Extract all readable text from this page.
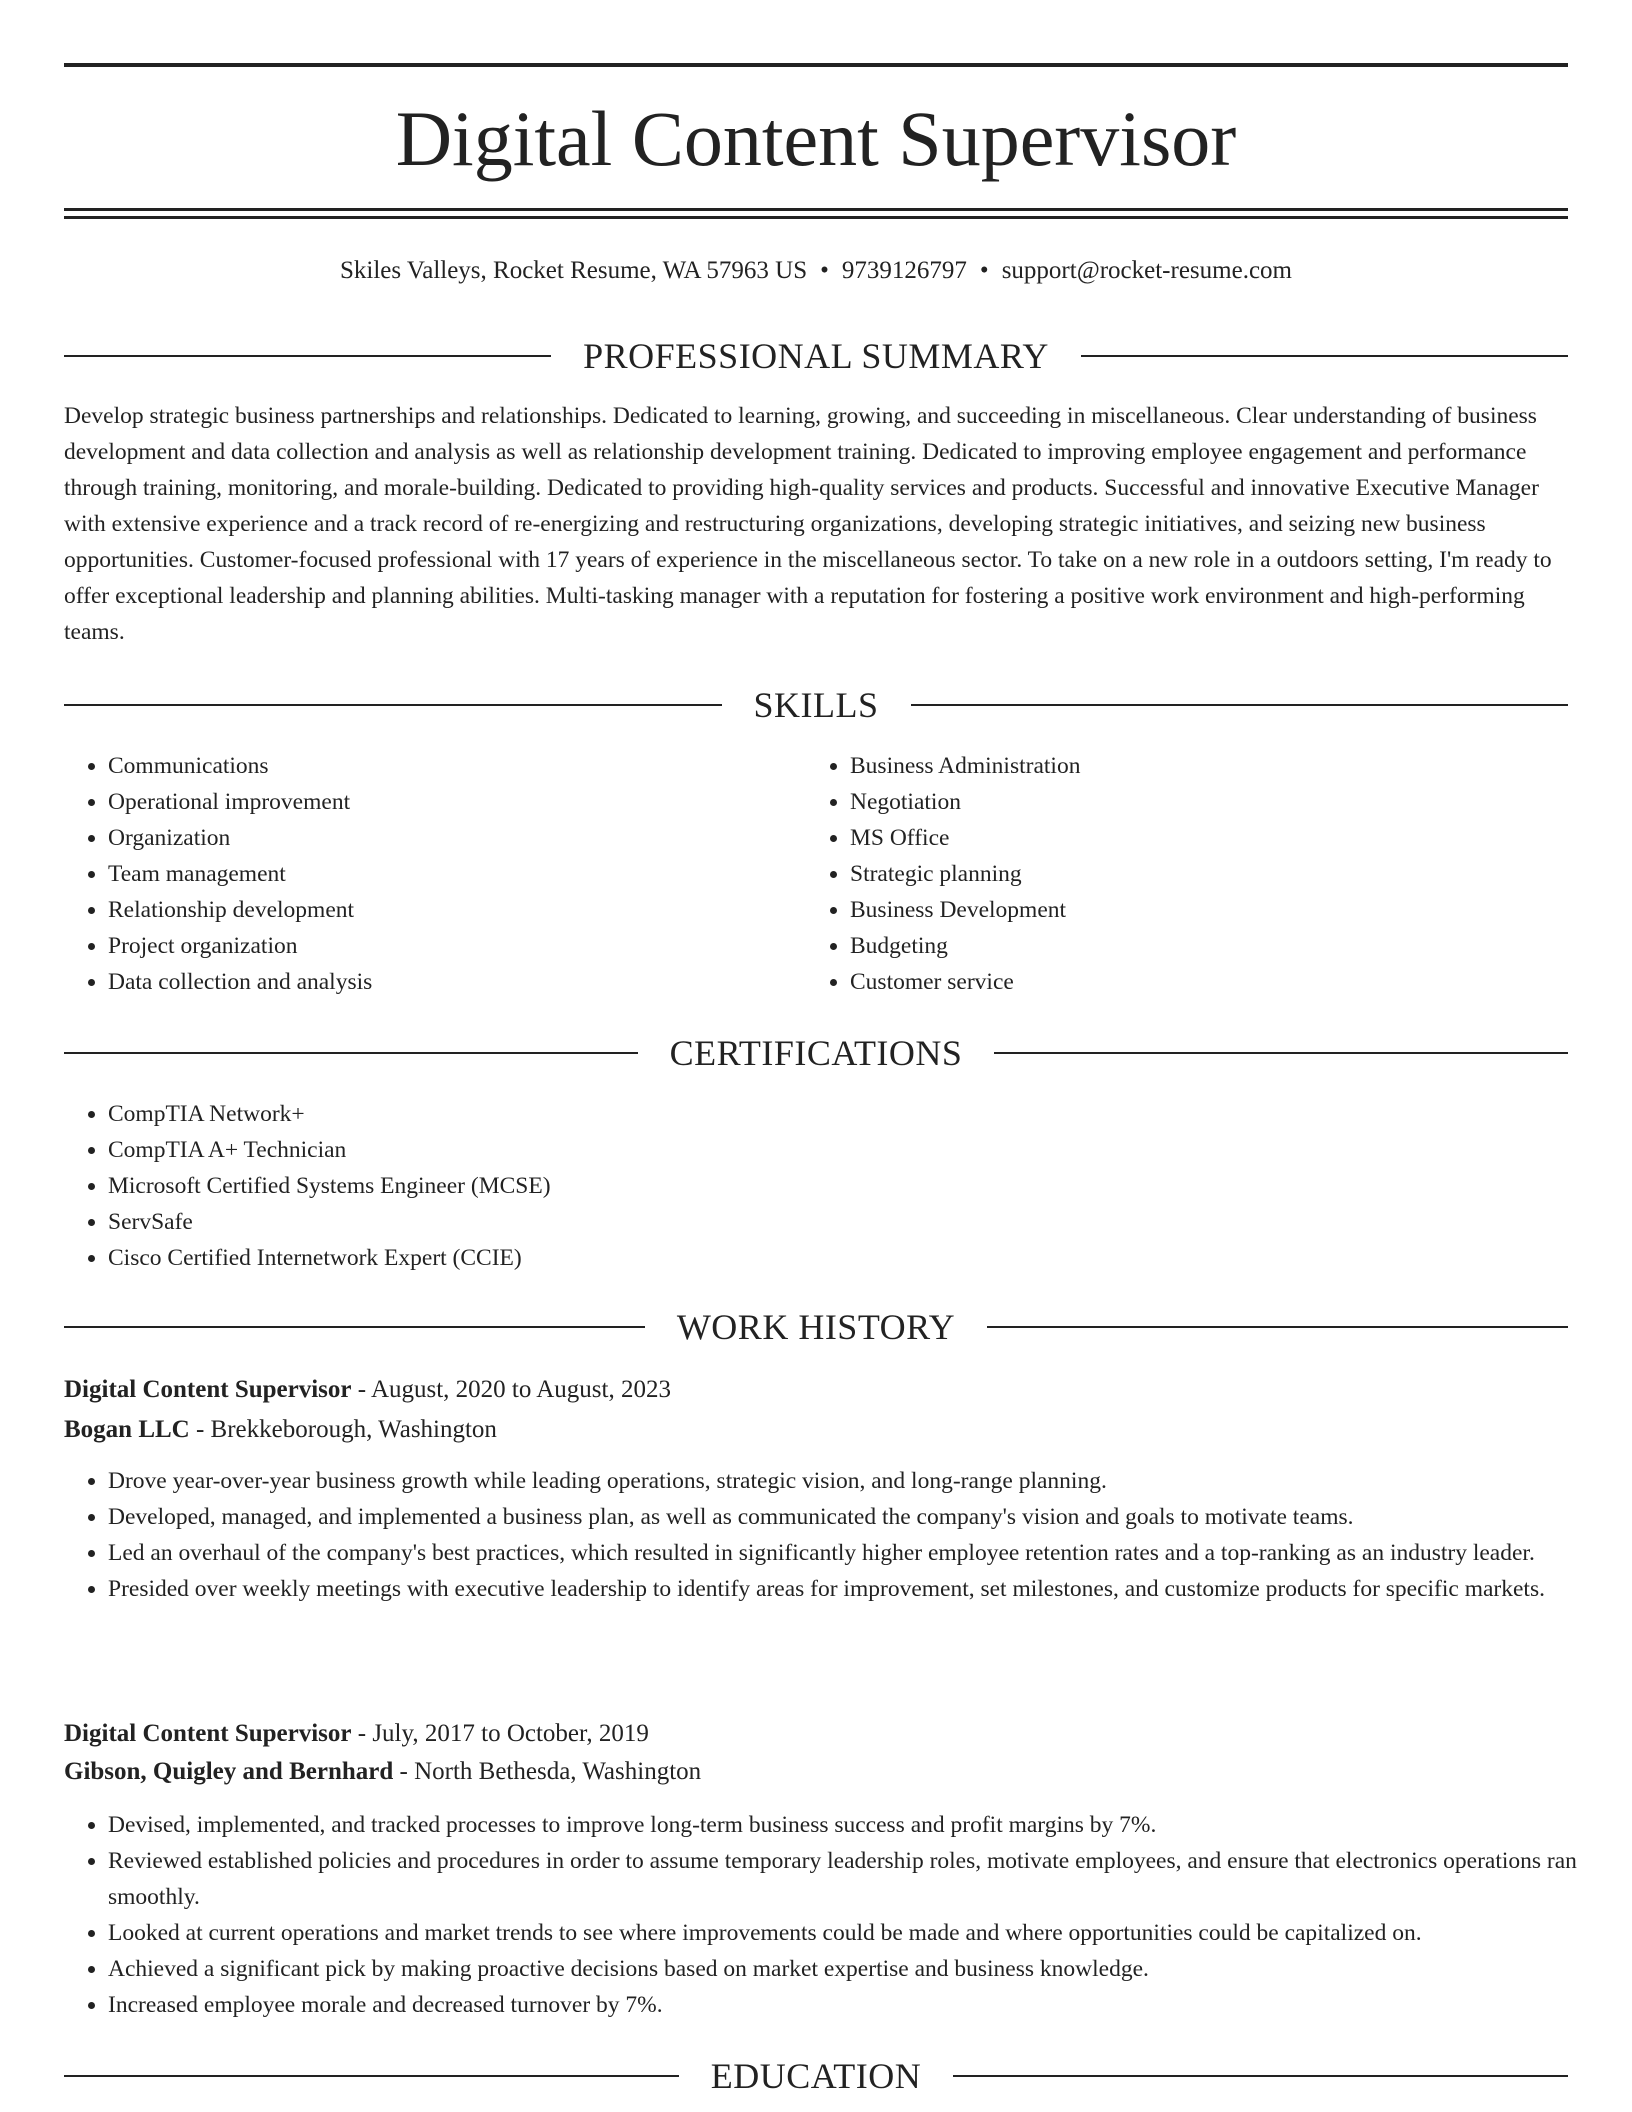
Digital Content Supervisor
Skiles Valleys, Rocket Resume, WA 57963 US • 9739126797 • support@rocket-resume.com
PROFESSIONAL SUMMARY

Develop strategic business partnerships and relationships. Dedicated to learning, growing, and succeeding in miscellaneous. Clear understanding of business development and data collection and analysis as well as relationship development training. Dedicated to improving employee engagement and performance through training, monitoring, and morale-building. Dedicated to providing high-quality services and products. Successful and innovative Executive Manager with extensive experience and a track record of re-energizing and restructuring organizations, developing strategic initiatives, and seizing new business opportunities. Customer-focused professional with 17 years of experience in the miscellaneous sector. To take on a new role in a outdoors setting, I'm ready to offer exceptional leadership and planning abilities. Multi-tasking manager with a reputation for fostering a positive work environment and high-performing teams.

SKILLS
• Communications
• Operational improvement
• Organization
• Team management
• Relationship development
• Project organization
• Data collection and analysis
• Business Administration
• Negotiation
• MS Office
• Strategic planning
• Business Development
• Budgeting
• Customer service
CERTIFICATIONS
• CompTIA Network+
• CompTIA A+ Technician
• Microsoft Certified Systems Engineer (MCSE)
• ServSafe
• Cisco Certified Internetwork Expert (CCIE)
WORK HISTORY
Digital Content Supervisor - August, 2020 to August, 2023
Bogan LLC - Brekkeborough, Washington
• Drove year-over-year business growth while leading operations, strategic vision, and long-range planning.
• Developed, managed, and implemented a business plan, as well as communicated the company's vision and goals to motivate teams.
• Led an overhaul of the company's best practices, which resulted in significantly higher employee retention rates and a top-ranking as an industry leader.
• Presided over weekly meetings with executive leadership to identify areas for improvement, set milestones, and customize products for specific markets.
Digital Content Supervisor - July, 2017 to October, 2019
Gibson, Quigley and Bernhard - North Bethesda, Washington
• Devised, implemented, and tracked processes to improve long-term business success and profit margins by 7%.
• Reviewed established policies and procedures in order to assume temporary leadership roles, motivate employees, and ensure that electronics operations ran smoothly.
• Looked at current operations and market trends to see where improvements could be made and where opportunities could be capitalized on.
• Achieved a significant pick by making proactive decisions based on market expertise and business knowledge.
• Increased employee morale and decreased turnover by 7%.
EDUCATION
